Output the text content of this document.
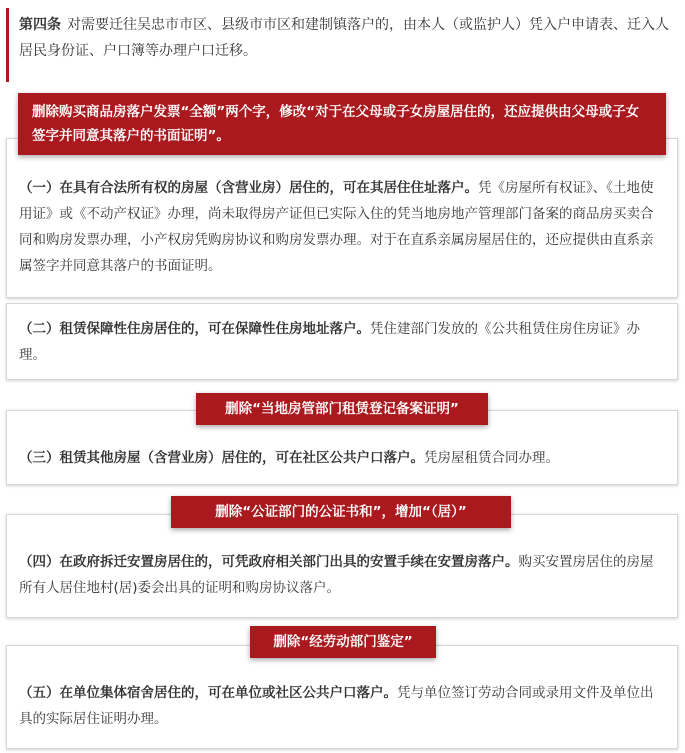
第四条 对需要迁往吴忠市市区、县级市市区和建制镇落户的，由本人（或监护人）凭入户申请表、迁入人居民身份证、户口簿等办理户口迁移。
（一）在具有合法所有权的房屋（含营业房）居住的，可在其居住住址落户。凭《房屋所有权证》、《土地使用证》或《不动产权证》办理，尚未取得房产证但已实际入住的凭当地房地产管理部门备案的商品房买卖合同和购房发票办理，小产权房凭购房协议和购房发票办理。对于在直系亲属房屋居住的，还应提供由直系亲属签字并同意其落户的书面证明。
（二）租赁保障性住房居住的，可在保障性住房地址落户。凭住建部门发放的《公共租赁住房住房证》办理。
（三）租赁其他房屋（含营业房）居住的，可在社区公共户口落户。凭房屋租赁合同办理。
（四）在政府拆迁安置房居住的，可凭政府相关部门出具的安置手续在安置房落户。购买安置房居住的房屋所有人居住地村(居)委会出具的证明和购房协议落户。
（五）在单位集体宿舍居住的，可在单位或社区公共户口落户。凭与单位签订劳动合同或录用文件及单位出具的实际居住证明办理。
删除购买商品房落户发票“全额”两个字，修改“对于在父母或子女房屋居住的，还应提供由父母或子女签字并同意其落户的书面证明”。
删除“当地房管部门租赁登记备案证明”
删除“公证部门的公证书和”，增加“（居）”
删除“经劳动部门鉴定”
